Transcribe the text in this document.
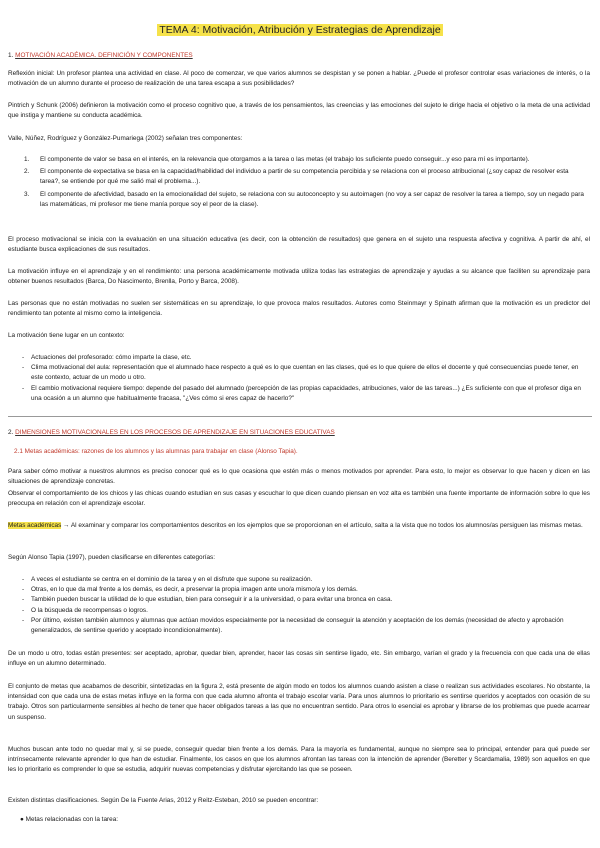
TEMA 4: Motivación, Atribución y Estrategias de Aprendizaje
1. MOTIVACIÓN ACADÉMICA. DEFINICIÓN Y COMPONENTES
Reflexión inicial: Un profesor plantea una actividad en clase. Al poco de comenzar, ve que varios alumnos se despistan y se ponen a hablar. ¿Puede el profesor controlar esas variaciones de interés, o la motivación de un alumno durante el proceso de realización de una tarea escapa a sus posibilidades?
Pintrich y Schunk (2006) definieron la motivación como el proceso cognitivo que, a través de los pensamientos, las creencias y las emociones del sujeto le dirige hacia el objetivo o la meta de una actividad que instiga y mantiene su conducta académica.
Valle, Núñez, Rodríguez y González-Pumariega (2002) señalan tres componentes:
1.	El componente de valor se basa en el interés, en la relevancia que otorgamos a la tarea o las metas (el trabajo los suficiente puedo conseguir...y eso para mí es importante).
2.	El componente de expectativa se basa en la capacidad/habilidad del individuo a partir de su competencia percibida y se relaciona con el proceso atribucional (¿soy capaz de resolver esta tarea?, se entiende por qué me salió mal el problema...).
3.	El componente de afectividad, basado en la emocionalidad del sujeto, se relaciona con su autoconcepto y su autoimagen (no voy a ser capaz de resolver la tarea a tiempo, soy un negado para las matemáticas, mi profesor me tiene manía porque soy el peor de la clase).
El proceso motivacional se inicia con la evaluación en una situación educativa (es decir, con la obtención de resultados) que genera en el sujeto una respuesta afectiva y cognitiva. A partir de ahí, el estudiante busca explicaciones de sus resultados.
La motivación influye en el aprendizaje y en el rendimiento: una persona académicamente motivada utiliza todas las estrategias de aprendizaje y ayudas a su alcance que faciliten su aprendizaje para obtener buenos resultados (Barca, Do Nascimento, Brenlla, Porto y Barca, 2008).
Las personas que no están motivadas no suelen ser sistemáticas en su aprendizaje, lo que provoca malos resultados. Autores como Steinmayr y Spinath afirman que la motivación es un predictor del rendimiento tan potente al mismo como la inteligencia.
La motivación tiene lugar en un contexto:
-	Actuaciones del profesorado: cómo imparte la clase, etc.
-	Clima motivacional del aula: representación que el alumnado hace respecto a qué es lo que cuentan en las clases, qué es lo que quiere de ellos el docente y qué consecuencias puede tener, en este contexto, actuar de un modo u otro.
-	El cambio motivacional requiere tiempo: depende del pasado del alumnado (percepción de las propias capacidades, atribuciones, valor de las tareas...) ¿Es suficiente con que el profesor diga en una ocasión a un alumno que habitualmente fracasa, "¿Ves cómo si eres capaz de hacerlo?"
2. DIMENSIONES MOTIVACIONALES EN LOS PROCESOS DE APRENDIZAJE EN SITUACIONES EDUCATIVAS
2.1 Metas académicas: razones de los alumnos y las alumnas para trabajar en clase (Alonso Tapia).
Para saber cómo motivar a nuestros alumnos es preciso conocer qué es lo que ocasiona que estén más o menos motivados por aprender. Para esto, lo mejor es observar lo que hacen y dicen en las situaciones de aprendizaje concretas.
Observar el comportamiento de los chicos y las chicas cuando estudian en sus casas y escuchar lo que dicen cuando piensan en voz alta es también una fuente importante de información sobre lo que les preocupa en relación con el aprendizaje escolar.
Metas académicas → Al examinar y comparar los comportamientos descritos en los ejemplos que se proporcionan en el artículo, salta a la vista que no todos los alumnos/as persiguen las mismas metas.
Según Alonso Tapia (1997), pueden clasificarse en diferentes categorías:
-	A veces el estudiante se centra en el dominio de la tarea y en el disfrute que supone su realización.
-	Otras, en lo que da mal frente a los demás, es decir, a preservar la propia imagen ante uno/a mismo/a y los demás.
-	También pueden buscar la utilidad de lo que estudian, bien para conseguir ir a la universidad, o para evitar una bronca en casa.
-	O la búsqueda de recompensas o logros.
-	Por último, existen también alumnos y alumnas que actúan movidos especialmente por la necesidad de conseguir la atención y aceptación de los demás (necesidad de afecto y aprobación generalizados, de sentirse querido y aceptado incondicionalmente).
De un modo u otro, todas están presentes: ser aceptado, aprobar, quedar bien, aprender, hacer las cosas sin sentirse ligado, etc. Sin embargo, varían el grado y la frecuencia con que cada una de ellas influye en un alumno determinado.
El conjunto de metas que acabamos de describir, sintetizadas en la figura 2, está presente de algún modo en todos los alumnos cuando asisten a clase o realizan sus actividades escolares. No obstante, la intensidad con que cada una de estas metas influye en la forma con que cada alumno afronta el trabajo escolar varía. Para unos alumnos lo prioritario es sentirse queridos y aceptados con ocasión de su trabajo. Otros son particularmente sensibles al hecho de tener que hacer obligados tareas a las que no encuentran sentido. Para otros lo esencial es aprobar y librarse de los problemas que puede acarrear un suspenso.
Muchos buscan ante todo no quedar mal y, si se puede, conseguir quedar bien frente a los demás. Para la mayoría es fundamental, aunque no siempre sea lo principal, entender para qué puede ser intrínsecamente relevante aprender lo que han de estudiar. Finalmente, los casos en que los alumnos afrontan las tareas con la intención de aprender (Beretter y Scardamalia, 1989) son aquellos en que les lo prioritario es comprender lo que se estudia, adquirir nuevas competencias y disfrutar ejercitando las que se poseen.
Existen distintas clasificaciones. Según De la Fuente Arias, 2012 y Reitz-Esteban, 2010 se pueden encontrar:
● Metas relacionadas con la tarea:
